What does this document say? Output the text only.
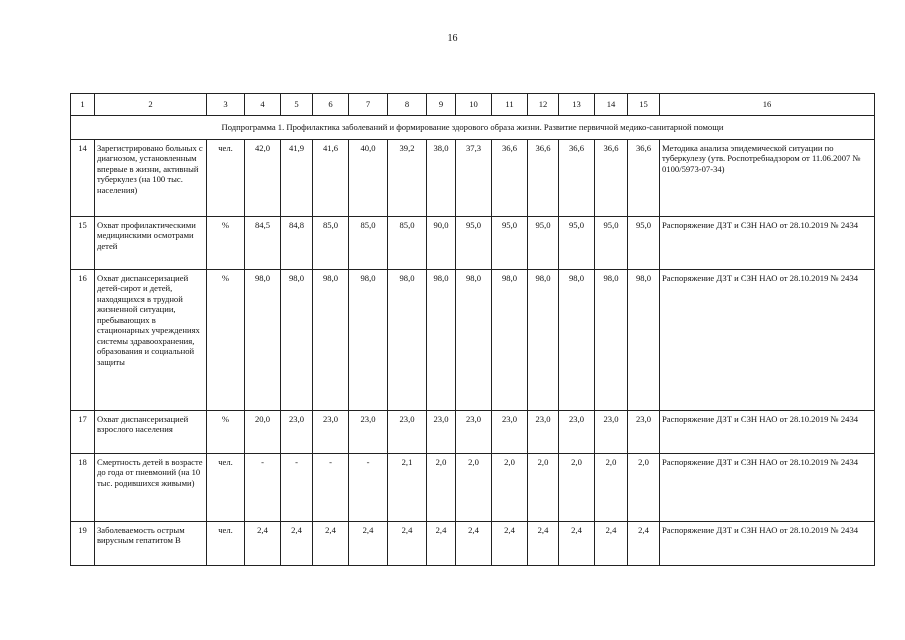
16
1	2	3	4	5	6	7	8	9	10	11	12	13	14	15	16
Подпрограмма 1. Профилактика заболеваний и формирование здорового образа жизни. Развитие первичной медико-санитарной помощи															
14	Зарегистрировано больных с диагнозом, установленным впервые в жизни, активный туберкулез (на 100 тыс. населения)	чел.	42,0	41,9	41,6	40,0	39,2	38,0	37,3	36,6	36,6	36,6	36,6	36,6	Методика анализа эпидемической ситуации по туберкулезу (утв. Роспотребнадзором от 11.06.2007 № 0100/5973-07-34)
15	Охват профилактическими медицинскими осмотрами детей	%	84,5	84,8	85,0	85,0	85,0	90,0	95,0	95,0	95,0	95,0	95,0	95,0	Распоряжение ДЗТ и СЗН НАО от 28.10.2019 № 2434
16	Охват диспансеризацией детей-сирот и детей, находящихся в трудной жизненной ситуации, пребывающих в стационарных учреждениях системы здравоохранения, образования и социальной защиты	%	98,0	98,0	98,0	98,0	98,0	98,0	98,0	98,0	98,0	98,0	98,0	98,0	Распоряжение ДЗТ и СЗН НАО от 28.10.2019 № 2434
17	Охват диспансеризацией взрослого населения	%	20,0	23,0	23,0	23,0	23,0	23,0	23,0	23,0	23,0	23,0	23,0	23,0	Распоряжение ДЗТ и СЗН НАО от 28.10.2019 № 2434
18	Смертность детей в возрасте до года от пневмоний (на 10 тыс. родившихся живыми)	чел.	-	-	-	-	2,1	2,0	2,0	2,0	2,0	2,0	2,0	2,0	Распоряжение ДЗТ и СЗН НАО от 28.10.2019 № 2434
19	Заболеваемость острым вирусным гепатитом В	чел.	2,4	2,4	2,4	2,4	2,4	2,4	2,4	2,4	2,4	2,4	2,4	2,4	Распоряжение ДЗТ и СЗН НАО от 28.10.2019 № 2434
